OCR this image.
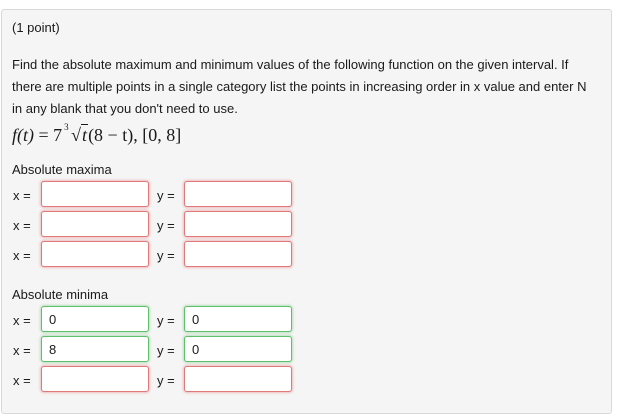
(1 point)
Find the absolute maximum and minimum values of the following function on the given interval. If there are multiple points in a single category list the points in increasing order in x value and enter N in any blank that you don't need to use.
f(t) = 7 3 √t(8 − t), [0, 8]
Absolute maxima
x =	y =
x =	y =
x =	y =
Absolute minima
x =	0	y =	0
x =	8	y =	0
x =	y =
